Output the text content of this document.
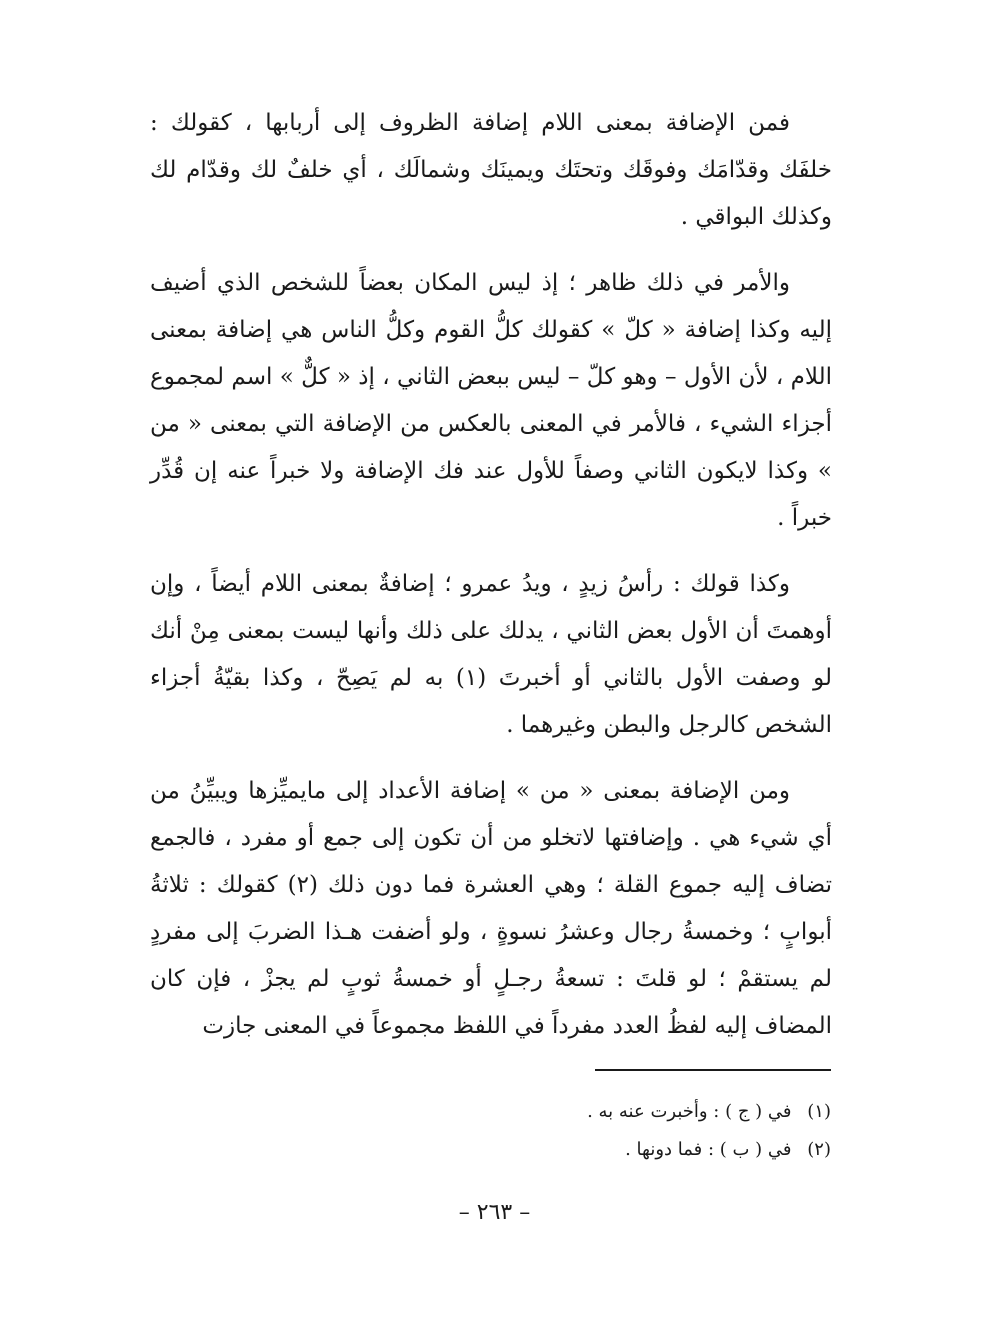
فمن الإضافة بمعنى اللام إضافة الظروف إلى أربابها ، كقولك : خلفَك وقدّامَك وفوقَك وتحتَك ويمينَك وشمالَك ، أي خلفٌ لك وقدّام لك وكذلك البواقي .

والأمر في ذلك ظاهر ؛ إذ ليس المكان بعضاً للشخص الذي أضيف إليه وكذا إضافة « كلّ » كقولك كلُّ القوم وكلُّ الناس هي إضافة بمعنى اللام ، لأن الأول – وهو كلّ – ليس ببعض الثاني ، إذ « كلٌّ » اسم لمجموع أجزاء الشيء ، فالأمر في المعنى بالعكس من الإضافة التي بمعنى « من » وكذا لايكون الثاني وصفاً للأول عند فك الإضافة ولا خبراً عنه إن قُدِّر خبراً .

وكذا قولك : رأسُ زيدٍ ، ويدُ عمرو ؛ إضافةٌ بمعنى اللام أيضاً ، وإن أوهمتَ أن الأول بعض الثاني ، يدلك على ذلك وأنها ليست بمعنى مِنْ أنك لو وصفت الأول بالثاني أو أخبرتَ (١) به لم يَصِحّ ، وكذا بقيّةُ أجزاء الشخص كالرجل والبطن وغيرهما .

ومن الإضافة بمعنى « من » إضافة الأعداد إلى مايميِّزها ويبيِّنُ من أي شيء هي . وإضافتها لاتخلو من أن تكون إلى جمع أو مفرد ، فالجمع تضاف إليه جموع القلة ؛ وهي العشرة فما دون ذلك (٢) كقولك : ثلاثةُ أبوابٍ ؛ وخمسةُ رجال وعشرُ نسوةٍ ، ولو أضفت هـذا الضربَ إلى مفردٍ لم يستقمْ ؛ لو قلتَ : تسعةُ رجـلٍ أو خمسةُ ثوبٍ لم يجزْ ، فإن كان المضاف إليه لفظُ العدد مفرداً في اللفظ مجموعاً في المعنى جازت

(١) في ( ج ) : وأخبرت عنه به .

(٢) في ( ب ) : فما دونها .

– ٢٦٣ –
